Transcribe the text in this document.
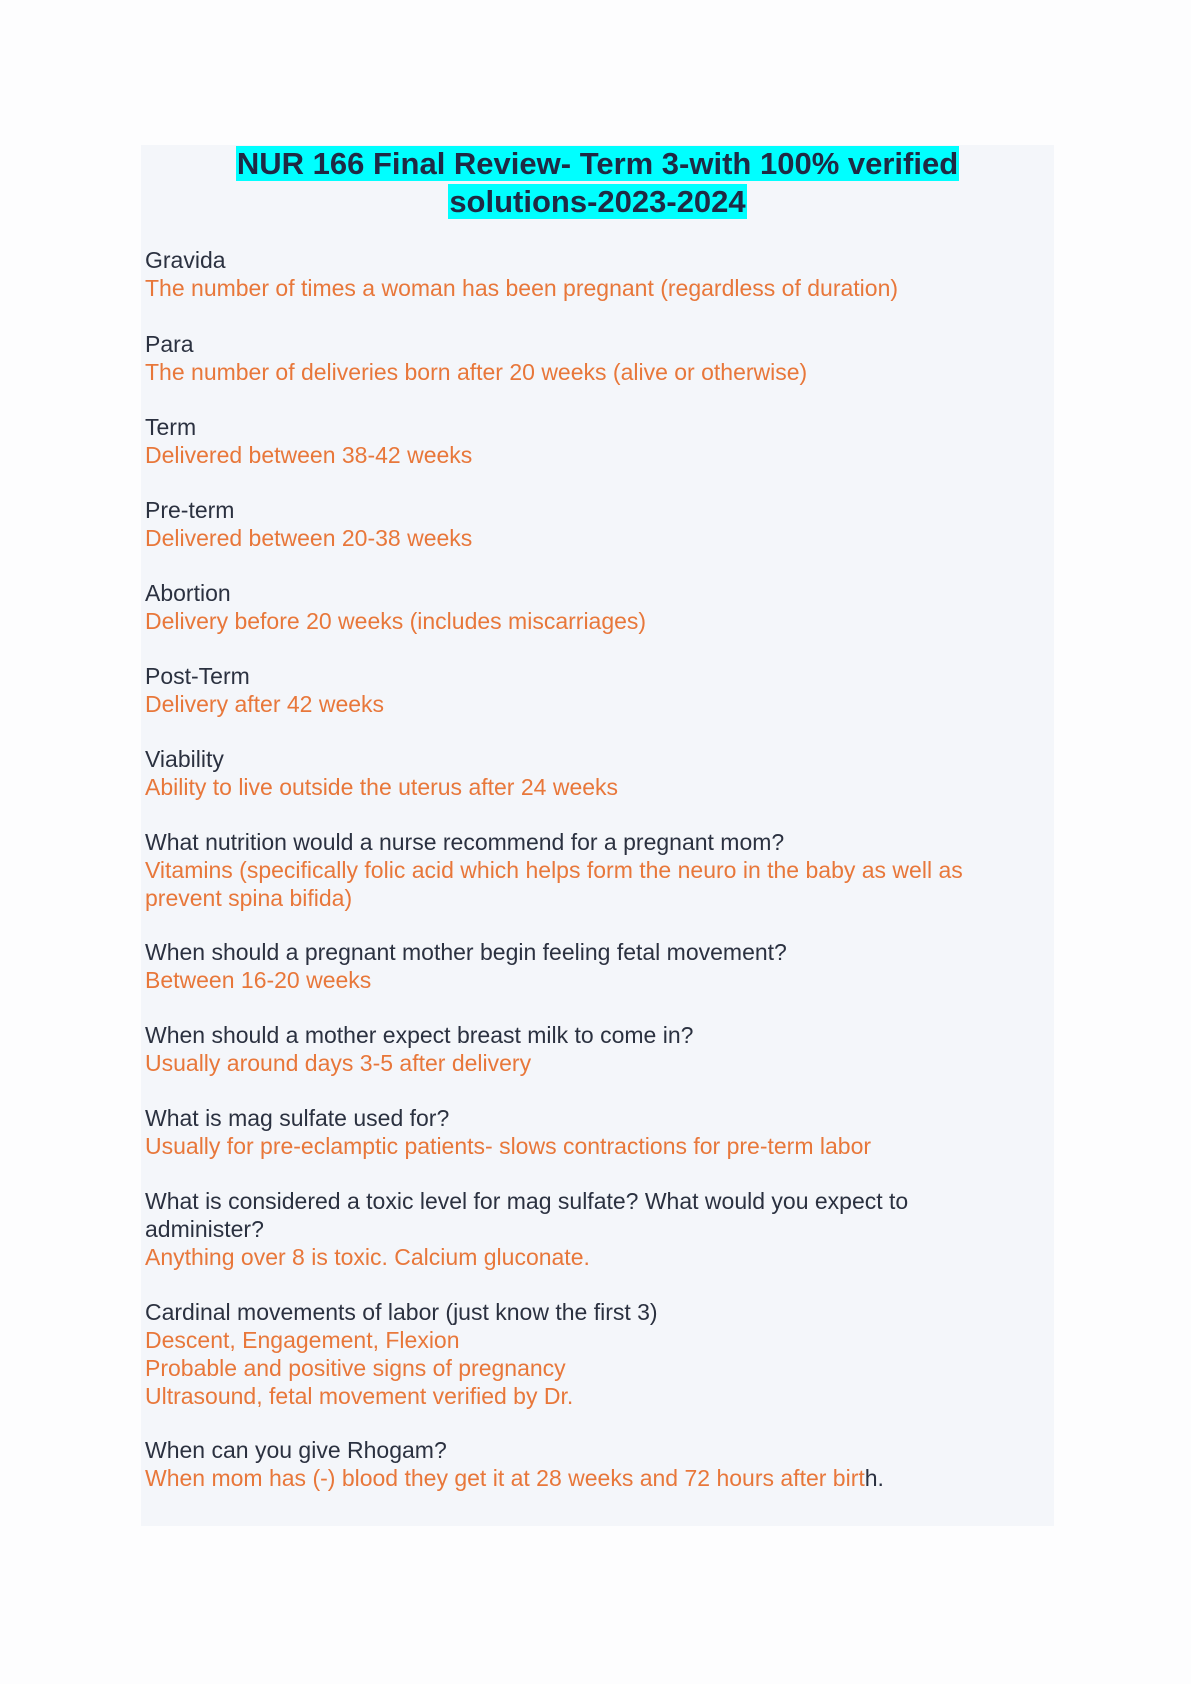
NUR 166 Final Review- Term 3-with 100% verified
solutions-2023-2024
Gravida
The number of times a woman has been pregnant (regardless of duration)
Para
The number of deliveries born after 20 weeks (alive or otherwise)
Term
Delivered between 38-42 weeks
Pre-term
Delivered between 20-38 weeks
Abortion
Delivery before 20 weeks (includes miscarriages)
Post-Term
Delivery after 42 weeks
Viability
Ability to live outside the uterus after 24 weeks
What nutrition would a nurse recommend for a pregnant mom?
Vitamins (specifically folic acid which helps form the neuro in the baby as well as
prevent spina bifida)
When should a pregnant mother begin feeling fetal movement?
Between 16-20 weeks
When should a mother expect breast milk to come in?
Usually around days 3-5 after delivery
What is mag sulfate used for?
Usually for pre-eclamptic patients- slows contractions for pre-term labor
What is considered a toxic level for mag sulfate? What would you expect to
administer?
Anything over 8 is toxic. Calcium gluconate.
Cardinal movements of labor (just know the first 3)
Descent, Engagement, Flexion
Probable and positive signs of pregnancy
Ultrasound, fetal movement verified by Dr.
When can you give Rhogam?
When mom has (-) blood they get it at 28 weeks and 72 hours after birth.
